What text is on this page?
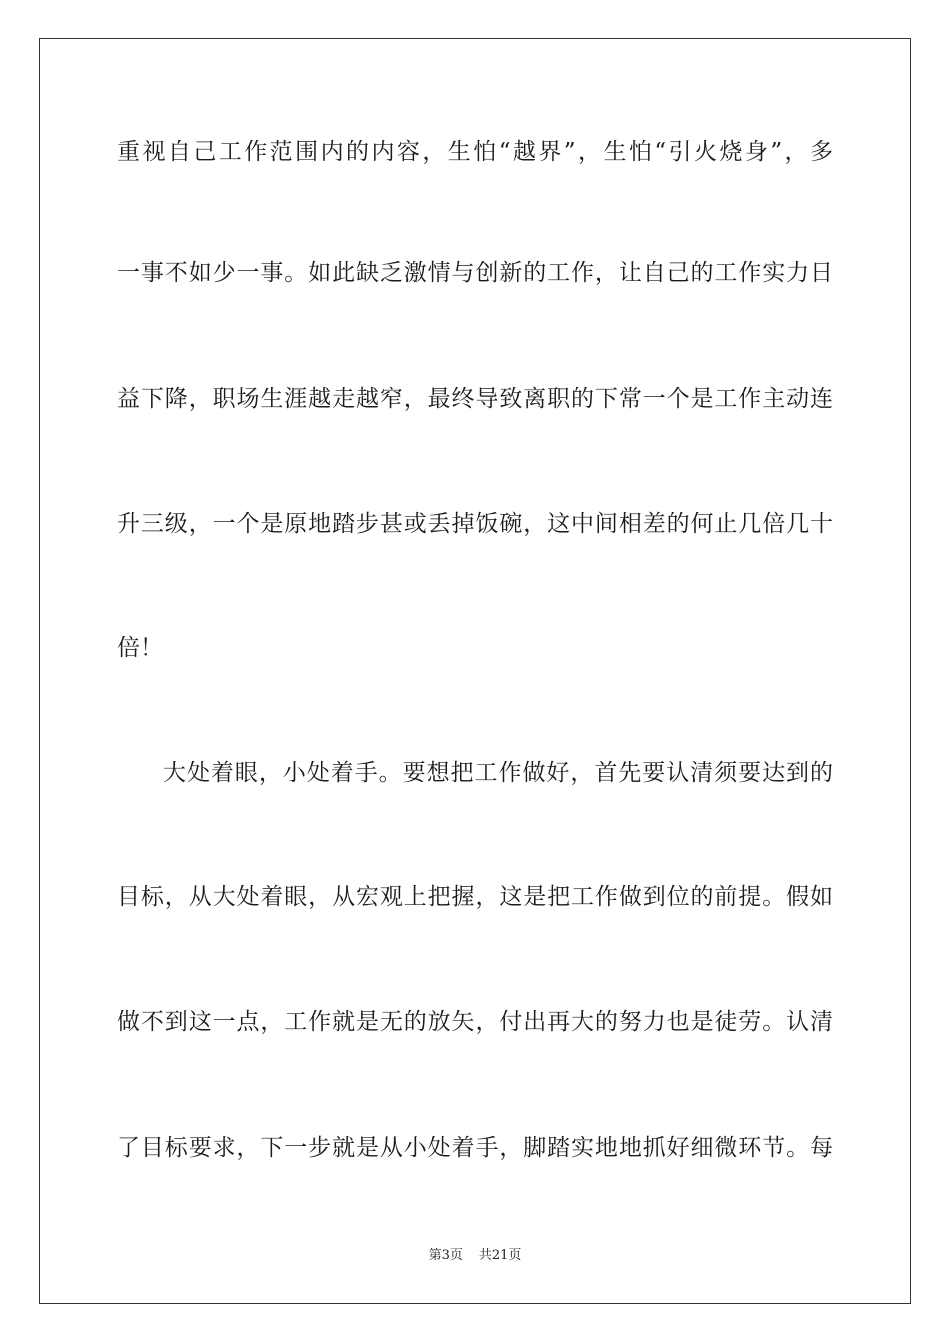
重视自己工作范围内的内容，生怕“越界”，生怕“引火烧身”，多
一事不如少一事。如此缺乏激情与创新的工作，让自己的工作实力日
益下降，职场生涯越走越窄，最终导致离职的下常一个是工作主动连
升三级，一个是原地踏步甚或丢掉饭碗，这中间相差的何止几倍几十
倍！
大处着眼，小处着手。要想把工作做好，首先要认清须要达到的
目标，从大处着眼，从宏观上把握，这是把工作做到位的前提。假如
做不到这一点，工作就是无的放矢，付出再大的努力也是徒劳。认清
了目标要求，下一步就是从小处着手，脚踏实地地抓好细微环节。每
第3页 共21页
